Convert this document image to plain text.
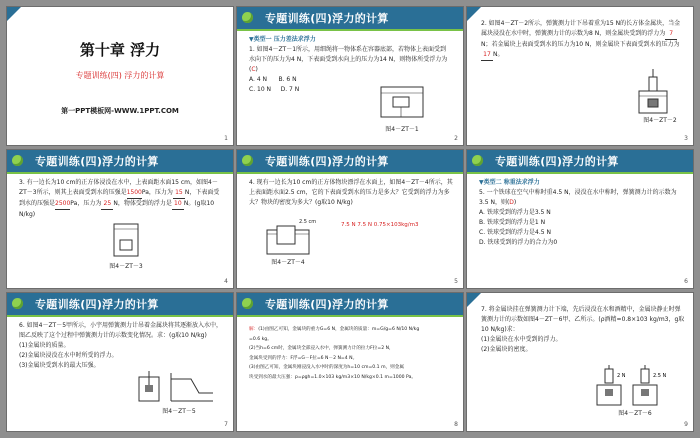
第十章 浮力
专题训练(四) 浮力的计算
第一PPT模板网-WWW.1PPT.COM
1
专题训练(四)浮力的计算

▼类型一 压力差法求浮力

1. 如图4－ZT－1所示，用细绳将一物体系在容器底部，若物体上表面受到水向下的压力为4 N，下表面受到水向上的压力为14 N，则物体所受浮力为(C)

A. 4 N B. 6 N
C. 10 N D. 7 N

图4－ZT－1
2

2. 如图4－ZT－2所示，弹簧测力计下吊着重为15 N的长方体金属块，当金属块浸没在水中时，弹簧测力计的示数为8 N，则金属块受到的浮力为 7N；若金属块上表面受到水的压力为10 N，则金属块下表面受到水的压力为17 N。

图4－ZT－2
3
专题训练(四)浮力的计算

3. 有一边长为10 cm的正方体浸没在水中，上表面距水面15 cm，如图4－ZT－3所示，则其上表面受到水的压强是1500Pa，压力为 15 N，下表面受到水的压强是2500Pa，压力为 25 N，物体受到的浮力是 10 N。(g取10 N/kg)

图4－ZT－3
4
专题训练(四)浮力的计算

4. 现有一边长为10 cm的正方体物块漂浮在水面上，如图4－ZT－4所示，其上表面距水面2.5 cm，它的下表面受到水的压力是多大？它受到的浮力为多大？物块的密度为多大？(g取10 N/kg)

2.5 cm	7.5 N 7.5 N 0.75×103kg/m3
图4－ZT－4
5
专题训练(四)浮力的计算

▼类型二 称重法求浮力

5. 一个铁球在空气中称时重4.5 N，浸没在水中称时，弹簧测力计的示数为3.5 N，则(D)

A. 铁球受到的浮力是3.5 N

B. 铁球受到的浮力是1 N

C. 铁球受到的浮力是4.5 N

D. 铁球受到的浮力的合力为0

6
专题训练(四)浮力的计算

6. 如图4－ZT－5甲所示，小宇用弹簧测力计吊着金属块将其逐渐放入水中，图乙反映了这个过程中弹簧测力计的示数变化情况。求：(g取10 N/kg)

(1)金属块的质量。

(2)金属块浸没在水中时所受的浮力。

(3)金属块受到水的最大压强。

图4－ZT－5
7
专题训练(四)浮力的计算

解：(1)由图乙可知，金属块的重力G=6 N，金属块的质量：m=G/g=6 N/10 N/kg

=0.6 kg。

(2)当h=6 cm时，金属块全部浸入水中，弹簧测力计的拉力F拉=2 N，

金属块受到的浮力：F浮=G－F拉=6 N－2 N=4 N。

(3)由图乙可知，金属块刚浸没入水中时的深度为h=10 cm=0.1 m，则金属

块受到水的最大压强：p=ρgh=1.0×103 kg/m3×10 N/kg×0.1 m=1000 Pa。

8

7. 将金属块挂在弹簧测力计下端，先后浸没在水和酒精中，金属块静止时弹簧测力计的示数如图4－ZT－6甲、乙所示。(ρ酒精=0.8×103 kg/m3，g取10 N/kg)求：

(1)金属块在水中受到的浮力。

(2)金属块的密度。

2 N	2.5 N
图4－ZT－6
9
